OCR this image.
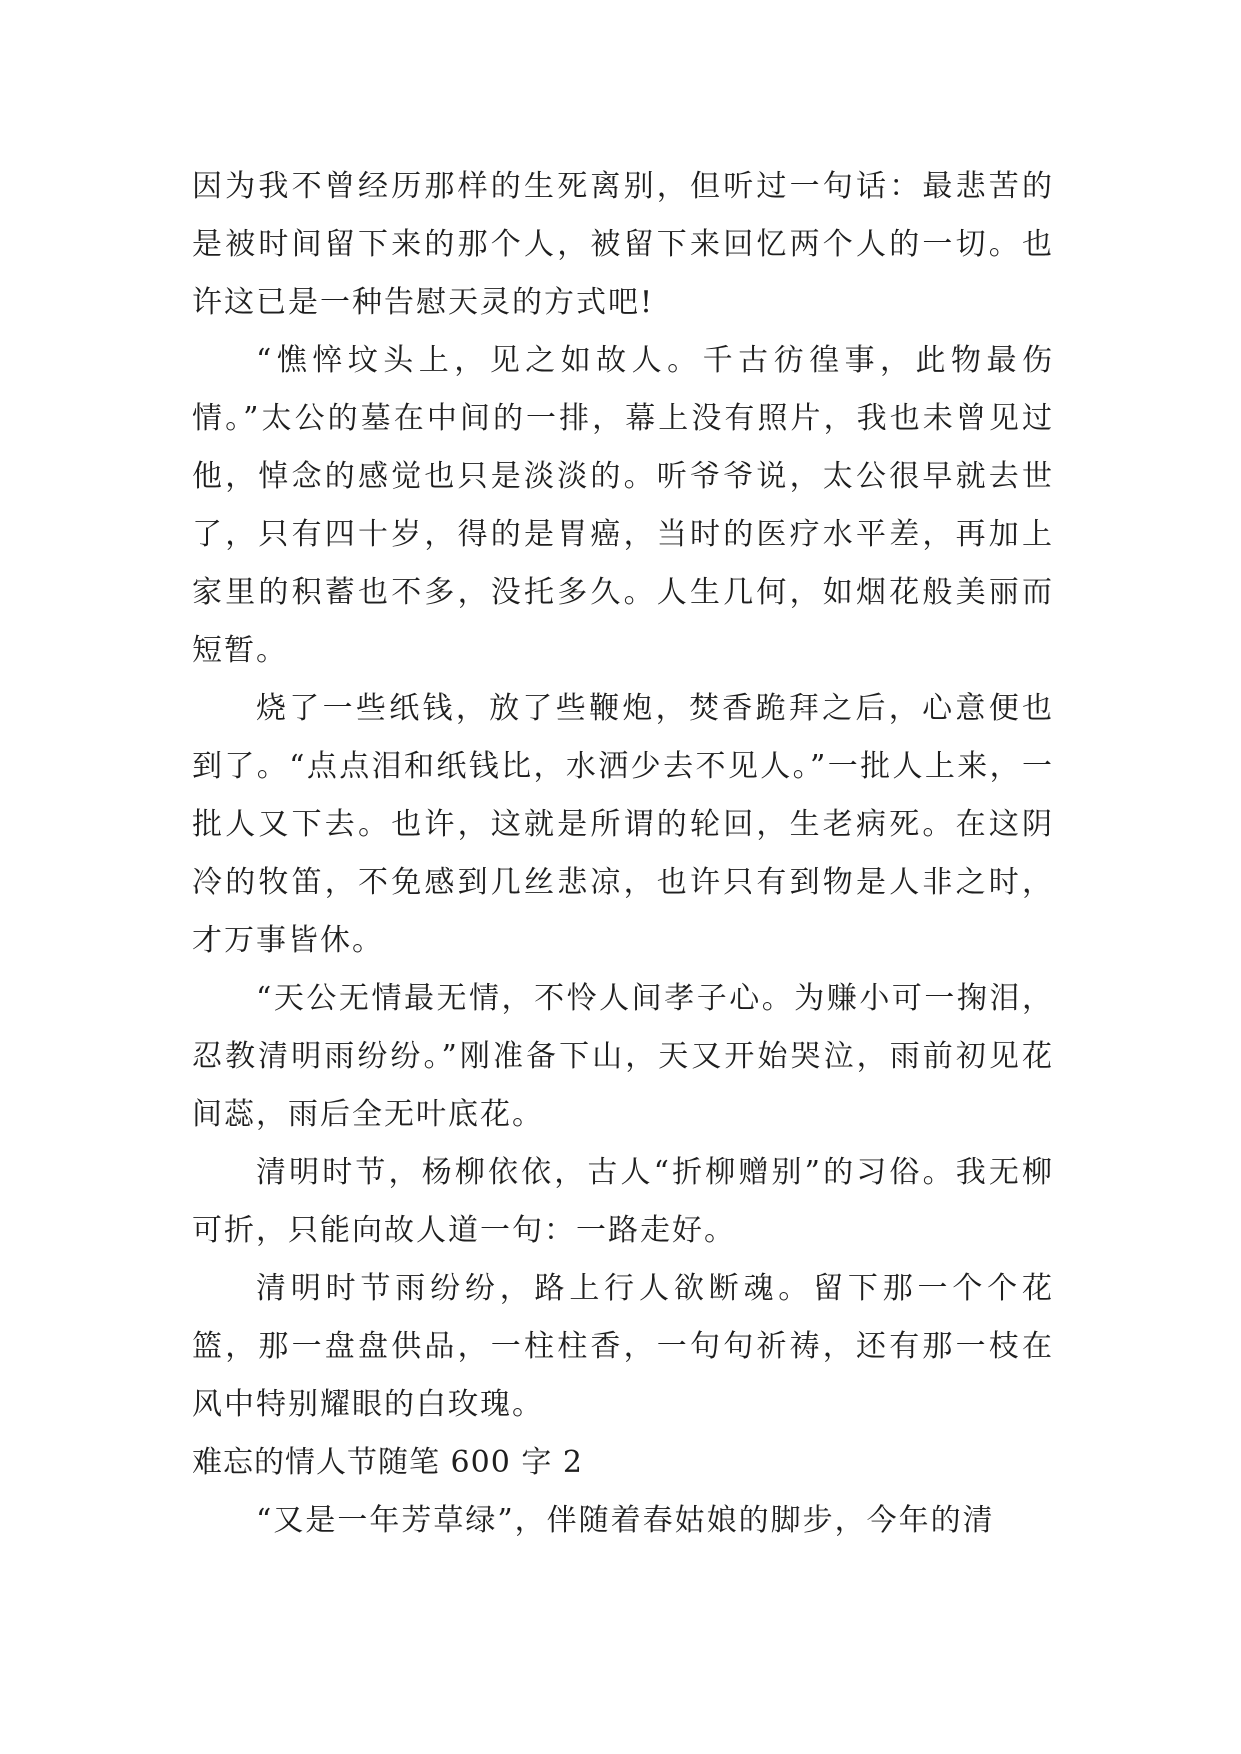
因为我不曾经历那样的生死离别，但听过一句话：最悲苦的是被时间留下来的那个人，被留下来回忆两个人的一切。也许这已是一种告慰天灵的方式吧!

“憔悴坟头上，见之如故人。千古彷徨事，此物最伤情。”太公的墓在中间的一排，幕上没有照片，我也未曾见过他，悼念的感觉也只是淡淡的。听爷爷说，太公很早就去世了，只有四十岁，得的是胃癌，当时的医疗水平差，再加上家里的积蓄也不多，没托多久。人生几何，如烟花般美丽而短暂。

烧了一些纸钱，放了些鞭炮，焚香跪拜之后，心意便也到了。“点点泪和纸钱比，水洒少去不见人。”一批人上来，一批人又下去。也许，这就是所谓的轮回，生老病死。在这阴冷的牧笛，不免感到几丝悲凉，也许只有到物是人非之时，才万事皆休。

“天公无情最无情，不怜人间孝子心。为赚小可一掬泪，忍教清明雨纷纷。”刚准备下山，天又开始哭泣，雨前初见花间蕊，雨后全无叶底花。

清明时节，杨柳依依，古人“折柳赠别”的习俗。我无柳可折，只能向故人道一句：一路走好。

清明时节雨纷纷，路上行人欲断魂。留下那一个个花篮，那一盘盘供品，一柱柱香，一句句祈祷，还有那一枝在风中特别耀眼的白玫瑰。

难忘的情人节随笔 600 字 2

“又是一年芳草绿”，伴随着春姑娘的脚步，今年的清
